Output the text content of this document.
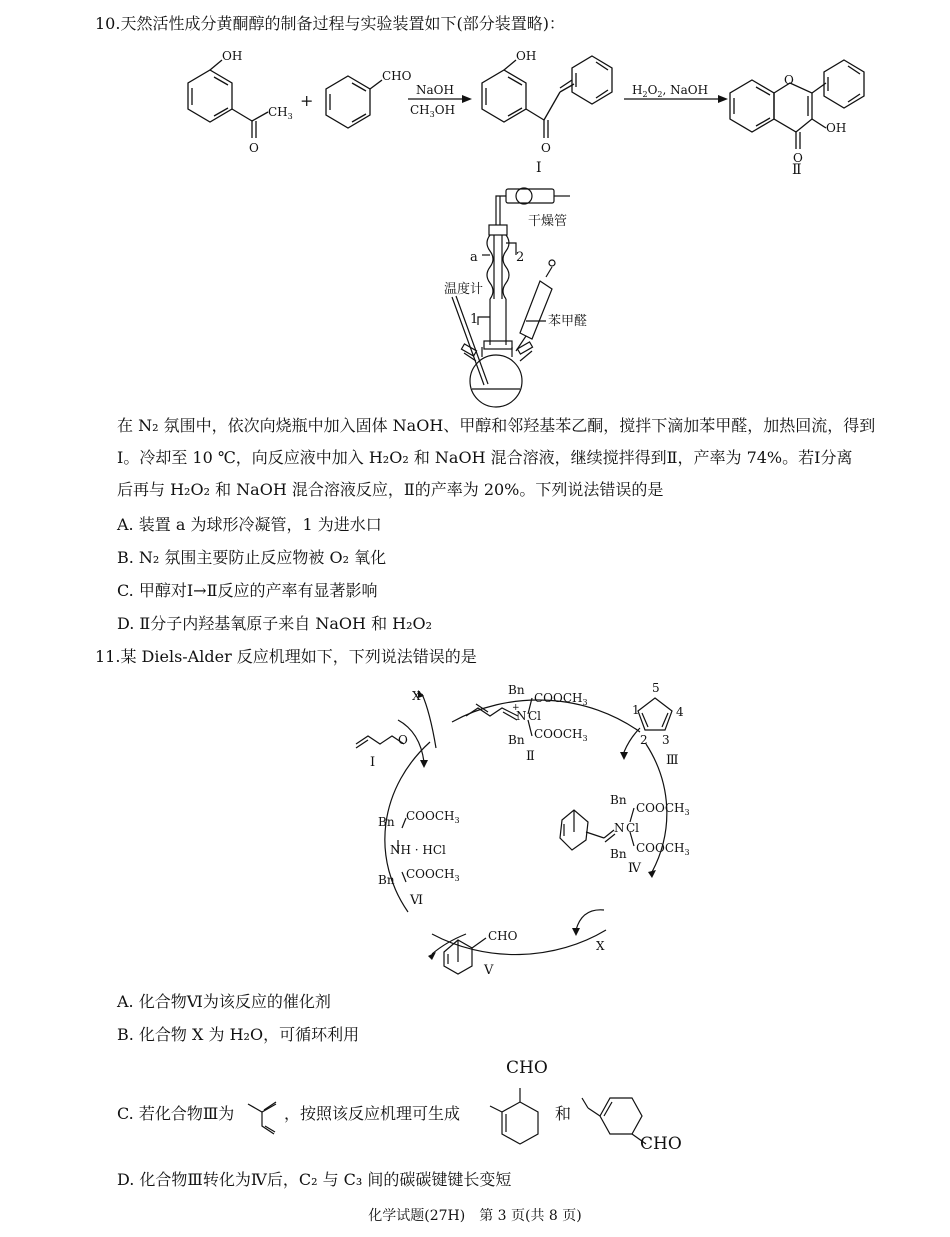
10.天然活性成分黄酮醇的制备过程与实验装置如下(部分装置略)：
OH
$CH_3$
O
+
CHO
NaOH
$CH_3OH$
OH
O
Ⅰ
$H_2O_2$, NaOH
O
O
OH
Ⅱ
干燥管
a	2
温度计
1	苯甲醛

在 N₂ 氛围中，依次向烧瓶中加入固体 NaOH、甲醇和邻羟基苯乙酮，搅拌下滴加苯甲醛，加热回流，得到

Ⅰ。冷却至 10 ℃，向反应液中加入 H₂O₂ 和 NaOH 混合溶液，继续搅拌得到Ⅱ，产率为 74%。若Ⅰ分离

后再与 H₂O₂ 和 NaOH 混合溶液反应，Ⅱ的产率为 20%。下列说法错误的是

A. 装置 a 为球形冷凝管，1 为进水口
B. N₂ 氛围主要防止反应物被 O₂ 氧化
C. 甲醇对Ⅰ→Ⅱ反应的产率有显著影响
D. Ⅱ分子内羟基氧原子来自 NaOH 和 H₂O₂
11.某 Diels-Alder 反应机理如下，下列说法错误的是
X
O
Ⅰ
Bn
$COOCH_3$
N Cl
+
Bn $COOCH_3$
Ⅱ
1
2 3
4
5
Ⅲ
Bn
$COOCH_3$
N Cl
Bn $COOCH_3$
Ⅳ
Bn $COOCH_3$
NH · HCl
Bn $COOCH_3$
Ⅵ
CHO
Ⅴ
X
A. 化合物Ⅵ为该反应的催化剂
B. 化合物 X 为 H₂O，可循环利用
C. 若化合物Ⅲ为	，按照该反应机理可生成
CHO
和
CHO
D. 化合物Ⅲ转化为Ⅳ后，C₂ 与 C₃ 间的碳碳键键长变短
化学试题(27H)　第 3 页(共 8 页)
